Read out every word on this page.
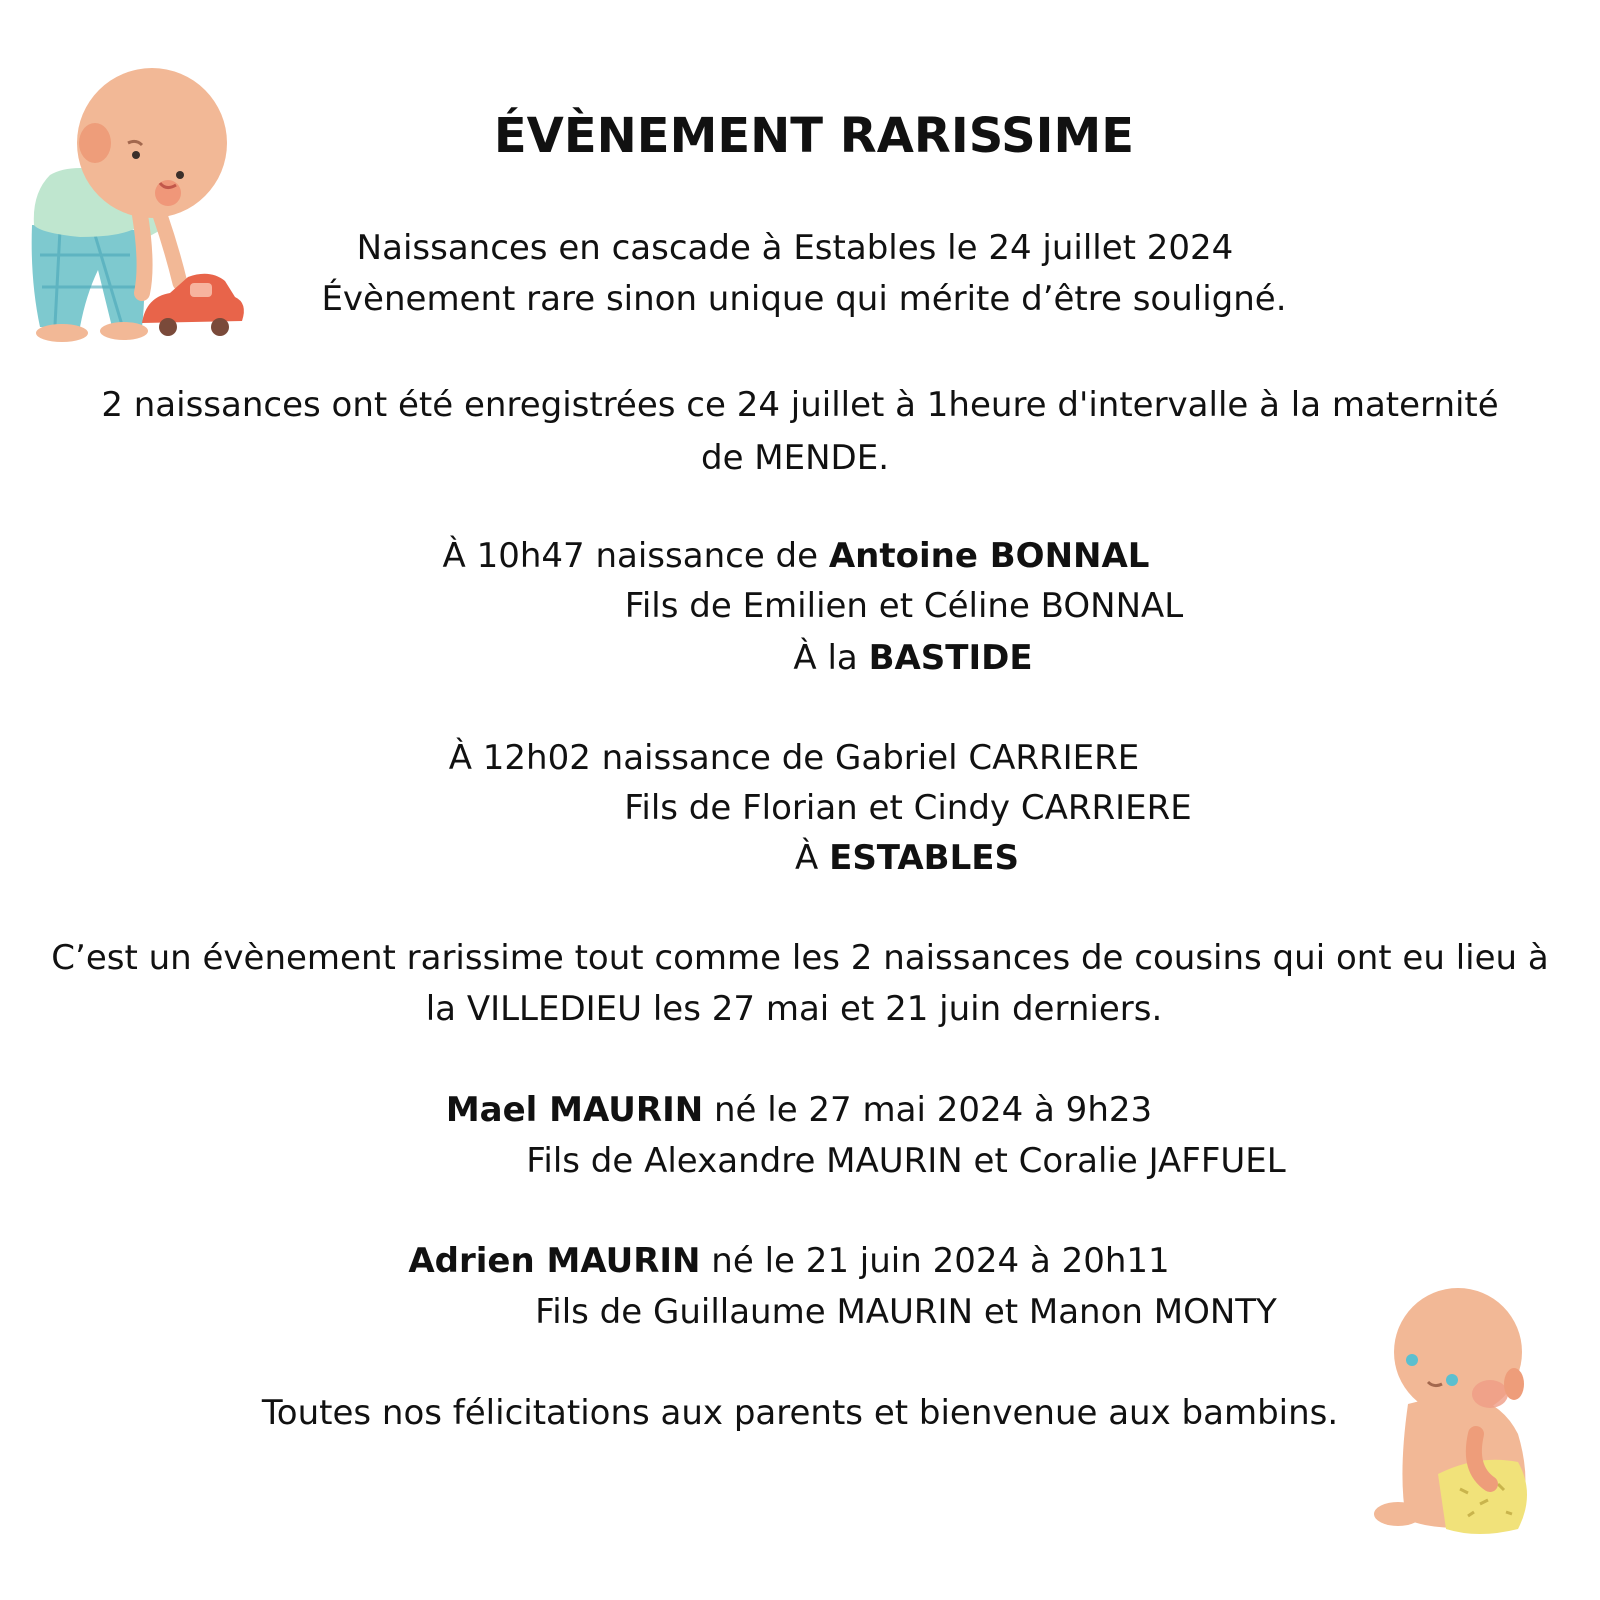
ÉVÈNEMENT RARISSIME
Naissances en cascade à Estables le 24 juillet 2024
Évènement rare sinon unique qui mérite d’être souligné.
2 naissances ont été enregistrées ce 24 juillet à 1heure d'intervalle à la maternité
de MENDE.
À 10h47 naissance de Antoine BONNAL
Fils de Emilien et Céline BONNAL
À la BASTIDE
À 12h02 naissance de Gabriel CARRIERE
Fils de Florian et Cindy CARRIERE
À ESTABLES
C’est un évènement rarissime tout comme les 2 naissances de cousins qui ont eu lieu à
la VILLEDIEU les 27 mai et 21 juin derniers.
Mael MAURIN né le 27 mai 2024 à 9h23
Fils de Alexandre MAURIN et Coralie JAFFUEL
Adrien MAURIN né le 21 juin 2024 à 20h11
Fils de Guillaume MAURIN et Manon MONTY
Toutes nos félicitations aux parents et bienvenue aux bambins.
